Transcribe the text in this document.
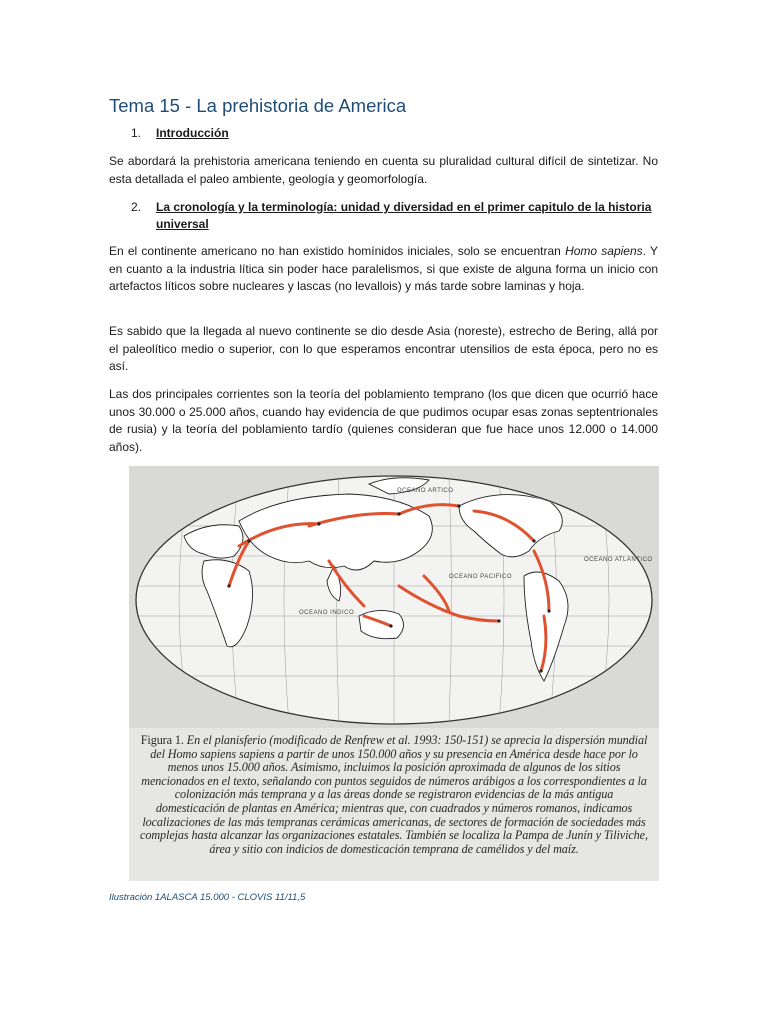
Tema 15 - La prehistoria de America
1. Introducción

Se abordará la prehistoria americana teniendo en cuenta su pluralidad cultural difícil de sintetizar. No esta detallada el paleo ambiente, geología y geomorfología.

2. La cronología y la terminología: unidad y diversidad en el primer capitulo de la historia universal

En el continente americano no han existido homínidos iniciales, solo se encuentran Homo sapiens. Y en cuanto a la industria lítica sin poder hace paralelismos, si que existe de alguna forma un inicio con artefactos líticos sobre nucleares y lascas (no levallois) y más tarde sobre laminas y hoja.

Es sabido que la llegada al nuevo continente se dio desde Asia (noreste), estrecho de Bering, allá por el paleolítico medio o superior, con lo que esperamos encontrar utensilios de esta época, pero no es así.

Las dos principales corrientes son la teoría del poblamiento temprano (los que dicen que ocurrió hace unos 30.000 o 25.000 años, cuando hay evidencia de que pudimos ocupar esas zonas septentrionales de rusia) y la teoría del poblamiento tardío (quienes consideran que fue hace unos 12.000 o 14.000 años).

OCEANO ARTICO
OCEANO PACIFICO
OCEANO ATLANTICO
OCEANO INDICO

Figura 1. En el planisferio (modificado de Renfrew et al. 1993: 150-151) se aprecia la dispersión mundial del Homo sapiens sapiens a partir de unos 150.000 años y su presencia en América desde hace por lo menos unos 15.000 años. Asimismo, incluimos la posición aproximada de algunos de los sitios mencionados en el texto, señalando con puntos seguidos de números arábigos a los correspondientes a la colonización más temprana y a las áreas donde se registraron evidencias de la más antigua domesticación de plantas en América; mientras que, con cuadrados y números romanos, indicamos localizaciones de las más tempranas cerámicas americanas, de sectores de formación de sociedades más complejas hasta alcanzar las organizaciones estatales. También se localiza la Pampa de Junín y Tiliviche, área y sitio con indicios de domesticación temprana de camélidos y del maíz.

Ilustración 1ALASCA 15.000 - CLOVIS 11/11,5
